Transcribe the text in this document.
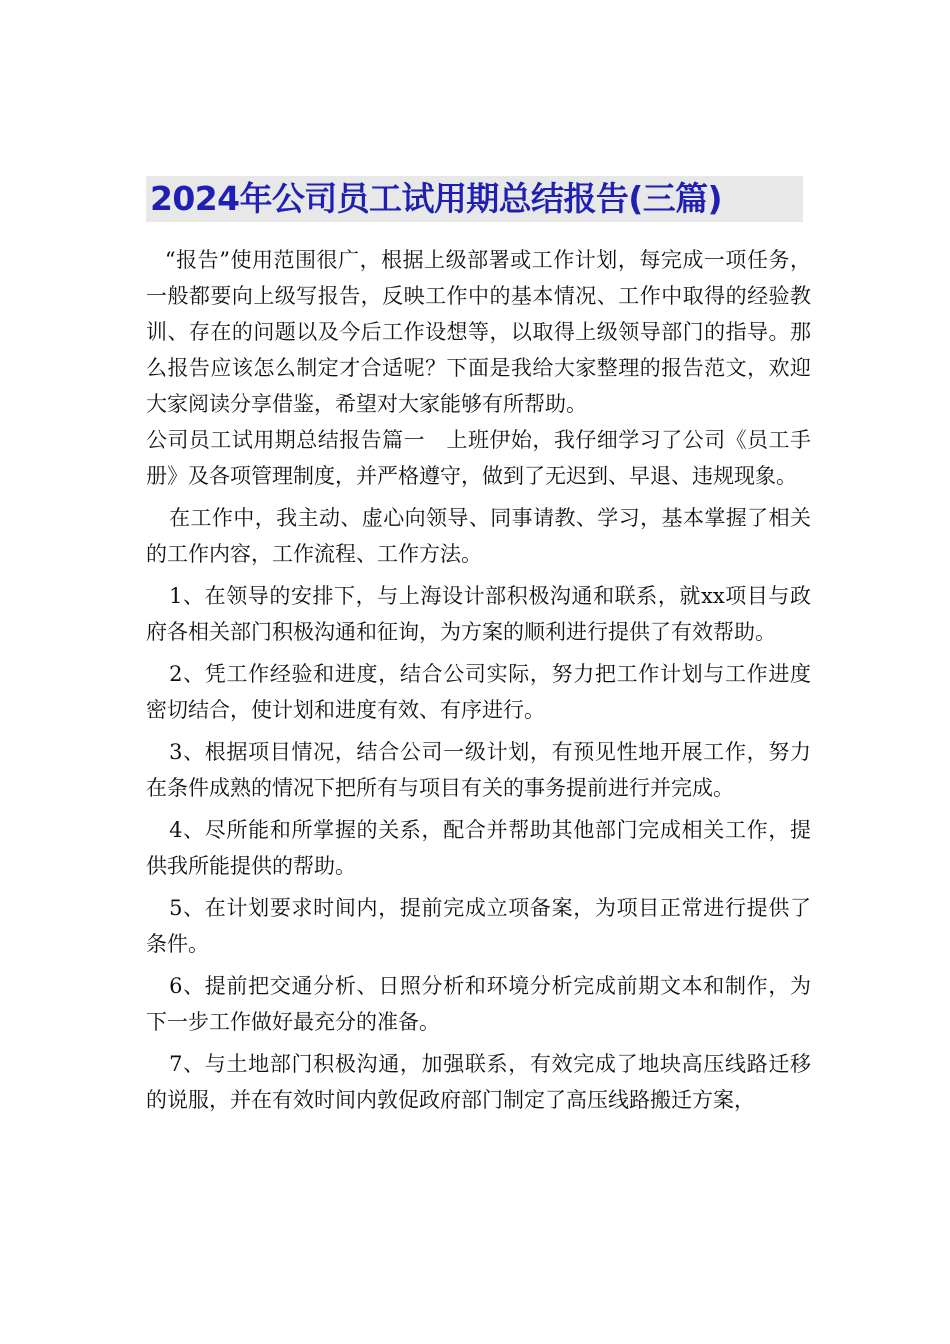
2024年公司员工试用期总结报告(三篇)

“报告”使用范围很广，根据上级部署或工作计划，每完成一项任务，一般都要向上级写报告，反映工作中的基本情况、工作中取得的经验教训、存在的问题以及今后工作设想等，以取得上级领导部门的指导。那么报告应该怎么制定才合适呢？下面是我给大家整理的报告范文，欢迎大家阅读分享借鉴，希望对大家能够有所帮助。

公司员工试用期总结报告篇一　上班伊始，我仔细学习了公司《员工手册》及各项管理制度，并严格遵守，做到了无迟到、早退、违规现象。

在工作中，我主动、虚心向领导、同事请教、学习，基本掌握了相关的工作内容，工作流程、工作方法。

1、在领导的安排下，与上海设计部积极沟通和联系，就xx项目与政府各相关部门积极沟通和征询，为方案的顺利进行提供了有效帮助。

2、凭工作经验和进度，结合公司实际，努力把工作计划与工作进度密切结合，使计划和进度有效、有序进行。

3、根据项目情况，结合公司一级计划，有预见性地开展工作，努力在条件成熟的情况下把所有与项目有关的事务提前进行并完成。

4、尽所能和所掌握的关系，配合并帮助其他部门完成相关工作，提供我所能提供的帮助。

5、在计划要求时间内，提前完成立项备案，为项目正常进行提供了条件。

6、提前把交通分析、日照分析和环境分析完成前期文本和制作，为下一步工作做好最充分的准备。

7、与土地部门积极沟通，加强联系，有效完成了地块高压线路迁移的说服，并在有效时间内敦促政府部门制定了高压线路搬迁方案，
